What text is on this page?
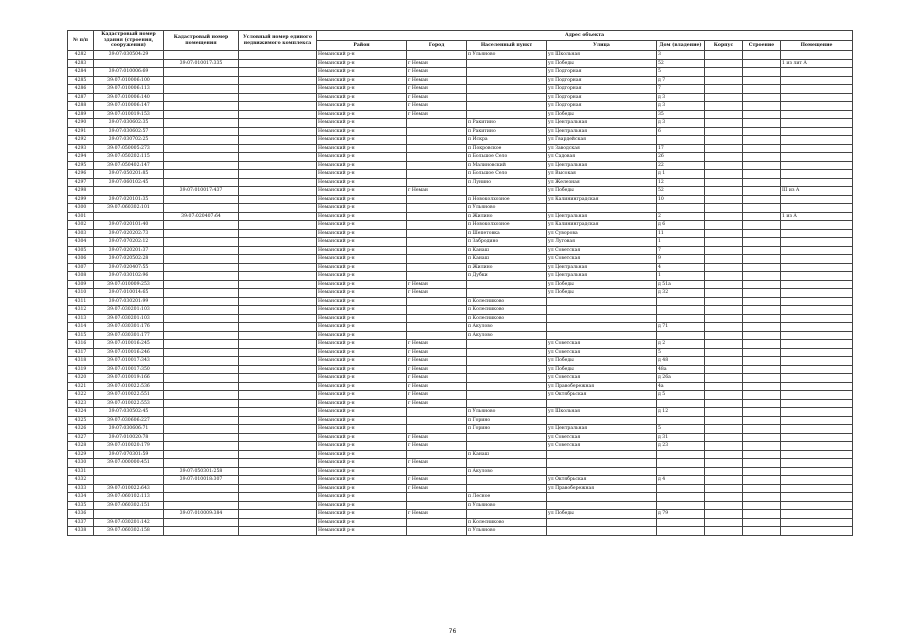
№ п/п	Кадастровый номер здания (строения, сооружения)	Кадастровый номер помещения	Условный номер единого недвижимого комплекса	Адрес объекта							
				Район	Город	Населенный пункт	Улица	Дом (владение)	Корпус	Строение	Помещение
4282	39:07:030504:29			Неманский р-н		п Ульяново	ул Школьная	3			
4283		39:07:010017:335		Неманский р-н	г Неман		ул Победы	52			1 из лит А
4284	39:07:010006:69			Неманский р-н	г Неман		ул Подгорная	5			
4285	39:07:010006:100			Неманский р-н	г Неман		ул Подгорная	д 7			
4286	39:07:010006:113			Неманский р-н	г Неман		ул Подгорная	7			
4287	39:07:010006:140			Неманский р-н	г Неман		ул Подгорная	д 3			
4288	39:07:010006:147			Неманский р-н	г Неман		ул Подгорная	д 3			
4289	39:07:010019:153			Неманский р-н	г Неман		ул Победы	35			
4290	39:07:030602:35			Неманский р-н		п Ракитино	ул Центральная	д 3			
4291	39:07:030602:57			Неманский р-н		п Ракитино	ул Центральная	6			
4292	39:07:030702:25			Неманский р-н		п Искра	ул Гвардейская				
4293	39:07:050005:273			Неманский р-н		п Покровское	ул Заводская	17			
4294	39:07:050202:115			Неманский р-н		п Большое Село	ул Садовая	26			
4295	39:07:050402:147			Неманский р-н		п Малиновский	ул Центральная	22			
4296	39:07:050201:85			Неманский р-н		п Большое Село	ул Высокая	д 1			
4297	39:07:060102:45			Неманский р-н		п Лунино	ул Железная	12			
4298		39:07:010017:437		Неманский р-н	г Неман		ул Победы	52			III из А
4299	39:07:020101:35			Неманский р-н		п Новоколхозное	ул Калининградская	10			
4300	39:07:060302:101			Неманский р-н		п Ульяново					
4301		39:07:020407:64		Неманский р-н		п Жилино	ул Центральная	2			1 из А
4302	39:07:020101:40			Неманский р-н		п Новоколхозное	ул Калининградская	д 6			
4303	39:07:020202:73			Неманский р-н		п Шепетовка	ул Суворова	11			
4304	39:07:070202:12			Неманский р-н		п Забродино	ул Луговая	1			
4305	39:07:020201:37			Неманский р-н		п Канаш	ул Советская	7			
4306	39:07:020502:28			Неманский р-н		п Канаш	ул Советская	9			
4307	39:07:020407:55			Неманский р-н		п Жилино	ул Центральная	4			
4308	39:07:030102:96			Неманский р-н		п Дубки	ул Центральная	1			
4309	39:07:010009:253			Неманский р-н	г Неман		ул Победы	д 51а			
4310	39:07:010014:65			Неманский р-н	г Неман		ул Победы	д 32			
4311	39:07:030201:99			Неманский р-н		п Колесниково					
4312	39:07:030201:103			Неманский р-н		п Колесниково					
4313	39:07:030201:103			Неманский р-н		п Колесниково					
4314	39:07:030301:176			Неманский р-н		п Акулово		д 71			
4315	39:07:030301:177			Неманский р-н		п Акулово					
4316	39:07:010016:245			Неманский р-н	г Неман		ул Советская	д 2			
4317	39:07:010016:246			Неманский р-н	г Неман		ул Советская	5			
4318	39:07:010017:343			Неманский р-н	г Неман		ул Победы	д 48			
4319	39:07:010017:350			Неманский р-н	г Неман		ул Победы	48а			
4320	39:07:010019:166			Неманский р-н	г Неман		ул Советская	д 26а			
4321	39:07:010022:536			Неманский р-н	г Неман		ул Правобережная	4а			
4322	39:07:010022:551			Неманский р-н	г Неман		ул Октябрьская	д 5			
4323	39:07:010022:553			Неманский р-н	г Неман						
4324	39:07:030502:45			Неманский р-н		п Ульяново	ул Школьная	д 12			
4325	39:07:030606:227			Неманский р-н		п Горино					
4326	39:07:030606:71			Неманский р-н		п Горино	ул Центральная	5			
4327	39:07:010020:78			Неманский р-н	г Неман		ул Советская	д 31			
4328	39:07:010020:179			Неманский р-н	г Неман		ул Советская	д 23			
4329	39:07:070301:59			Неманский р-н		п Канаш					
4330	39:07:000000:451			Неманский р-н	г Неман						
4331		39:07:050301:258		Неманский р-н		п Акулово					
4332		39:07:010018:307		Неманский р-н	г Неман		ул Октябрьская	д 4			
4333	39:07:010022:643			Неманский р-н	г Неман		ул Правобережная				
4334	39:07:060102:113			Неманский р-н		п Лесное					
4335	39:07:060302:151			Неманский р-н		п Ульяново					
4336		39:07:010009:384		Неманский р-н	г Неман		ул Победы	д 79			
4337	39:07:030201:142			Неманский р-н		п Колесниково					
4338	39:07:060302:158			Неманский р-н		п Ульяново					
76
